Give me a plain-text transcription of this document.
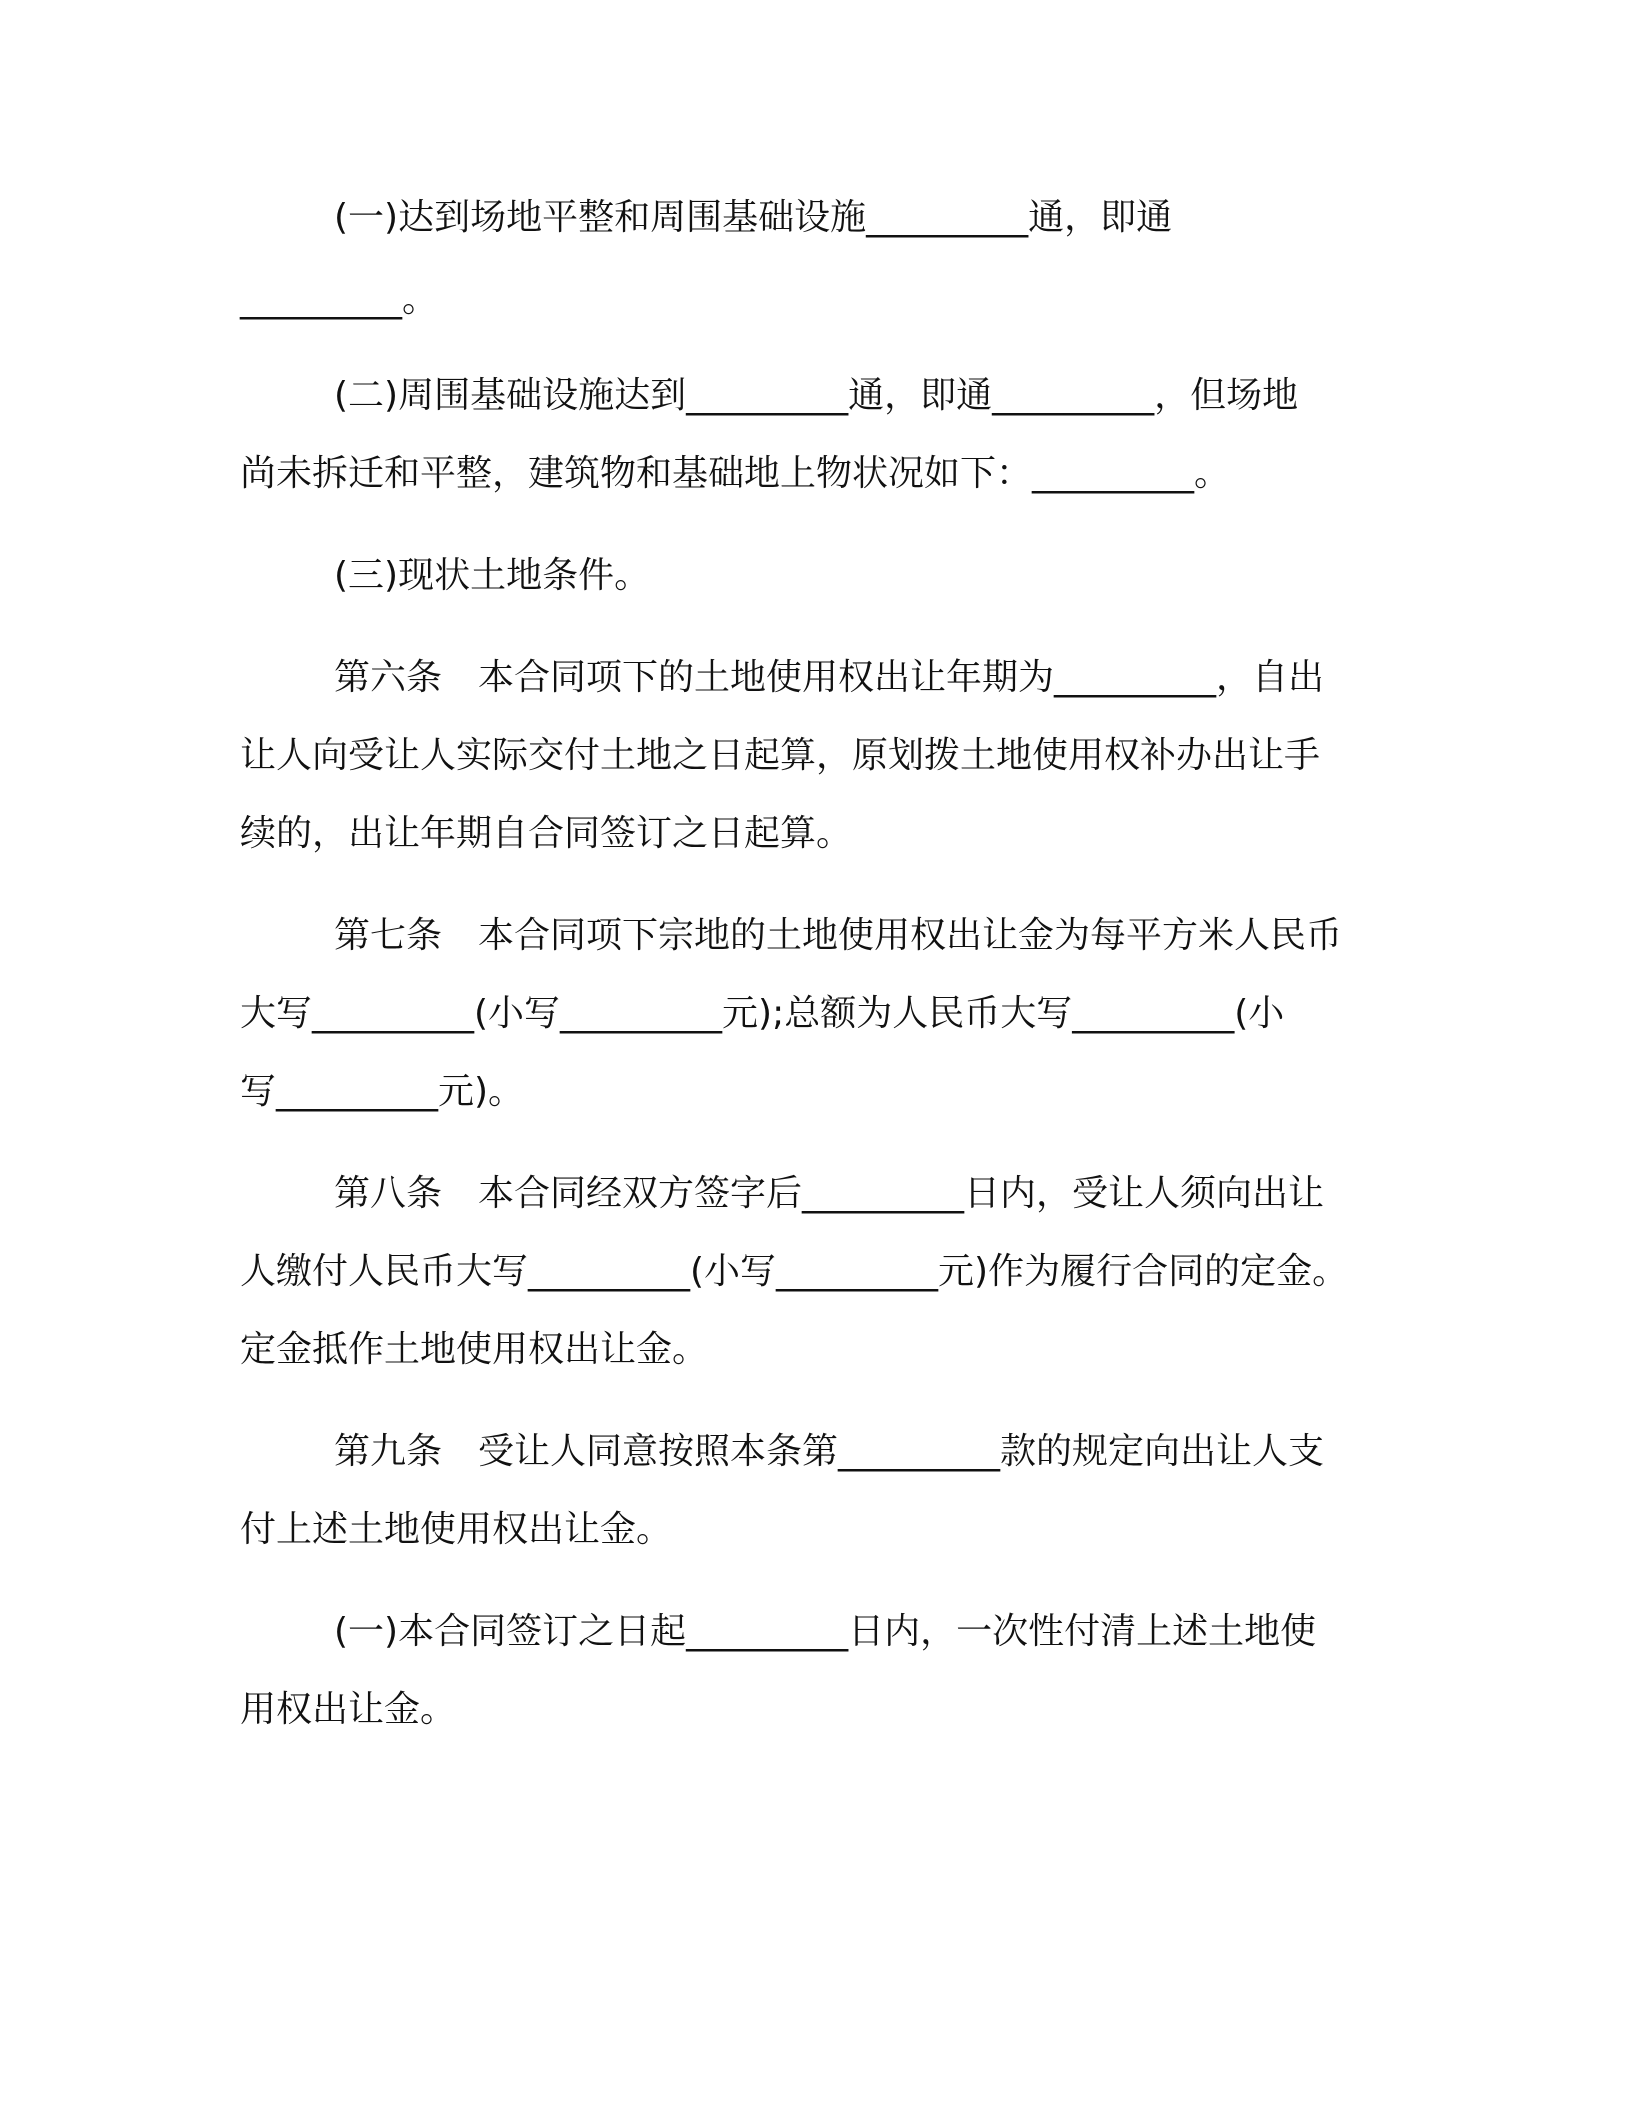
(一)达到场地平整和周围基础设施_________通，即通

_________。

(二)周围基础设施达到_________通，即通_________，但场地

尚未拆迁和平整，建筑物和基础地上物状况如下：_________。

(三)现状土地条件。

第六条　本合同项下的土地使用权出让年期为_________，自出

让人向受让人实际交付土地之日起算，原划拨土地使用权补办出让手

续的，出让年期自合同签订之日起算。

第七条　本合同项下宗地的土地使用权出让金为每平方米人民币

大写_________(小写_________元);总额为人民币大写_________(小

写_________元)。

第八条　本合同经双方签字后_________日内，受让人须向出让

人缴付人民币大写_________(小写_________元)作为履行合同的定金。

定金抵作土地使用权出让金。

第九条　受让人同意按照本条第_________款的规定向出让人支

付上述土地使用权出让金。

(一)本合同签订之日起_________日内，一次性付清上述土地使

用权出让金。
